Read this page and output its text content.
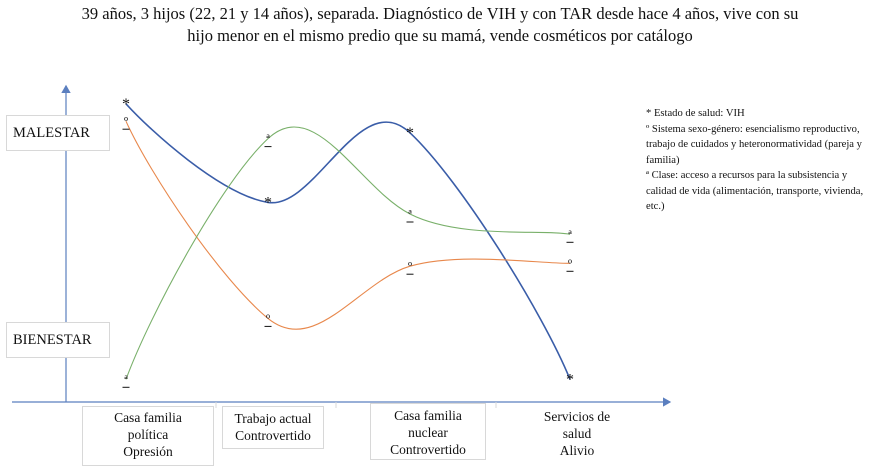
39 años, 3 hijos (22, 21 y 14 años), separada. Diagnóstico de VIH y con TAR desde hace 4 años, vive con su hijo menor en el mismo predio que su mamá, vende cosméticos por catálogo
*
*
*
*
º
º
º	º
ª
ª
ª
ª
MALESTAR
BIENESTAR
* Estado de salud: VIH
º Sistema sexo-género: esencialismo reproductivo, trabajo de cuidados y heteronormatividad (pareja y familia)
ª Clase: acceso a recursos para la subsistencia y calidad de vida (alimentación, transporte, vivienda, etc.)
Casa familia
política
Opresión
Trabajo actual
Controvertido
Casa familia
nuclear
Controvertido
Servicios de
salud
Alivio
